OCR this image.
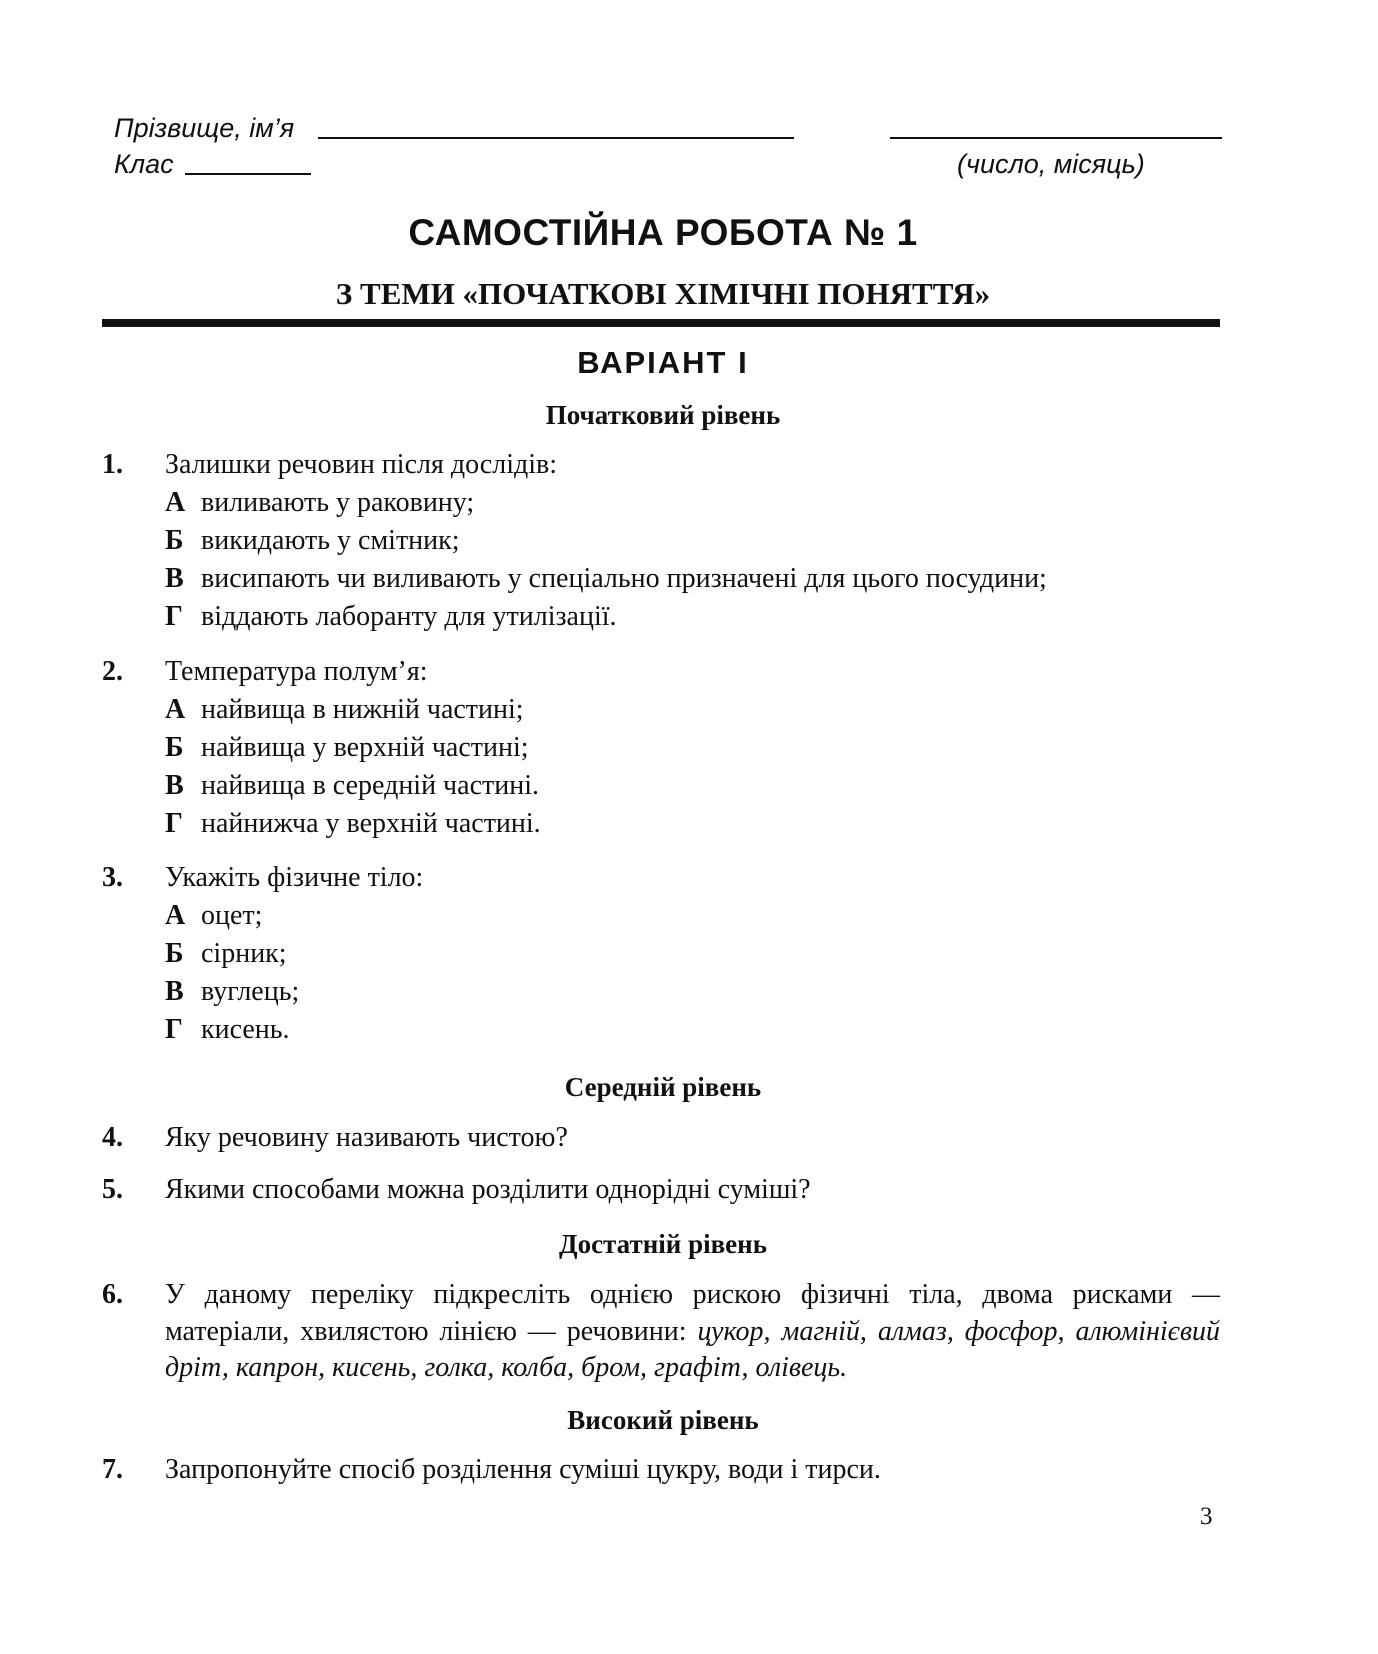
Прізвище, ім’я
Клас	(число, місяць)
САМОСТІЙНА РОБОТА № 1
З ТЕМИ «ПОЧАТКОВІ ХІМІЧНІ ПОНЯТТЯ»
ВАРІАНТ І
Початковий рівень
1. Залишки речовин після дослідів:
А виливають у раковину;
Б викидають у смітник;
В висипають чи виливають у спеціально призначені для цього посудини;
Г віддають лаборанту для утилізації.
2. Температура полум’я:
А найвища в нижній частині;
Б найвища у верхній частині;
В найвища в середній частині.
Г найнижча у верхній частині.
3. Укажіть фізичне тіло:
А оцет;
Б сірник;
В вуглець;
Г кисень.
Середній рівень
4. Яку речовину називають чистою?
5. Якими способами можна розділити однорідні суміші?
Достатній рівень
6. У даному переліку підкресліть однією рискою фізичні тіла, двома рисками — матеріали, хвилястою лінією — речовини: цукор, магній, алмаз, фосфор, алюмінієвий дріт, капрон, кисень, голка, колба, бром, графіт, олівець.
Високий рівень
7. Запропонуйте спосіб розділення суміші цукру, води і тирси.
3
